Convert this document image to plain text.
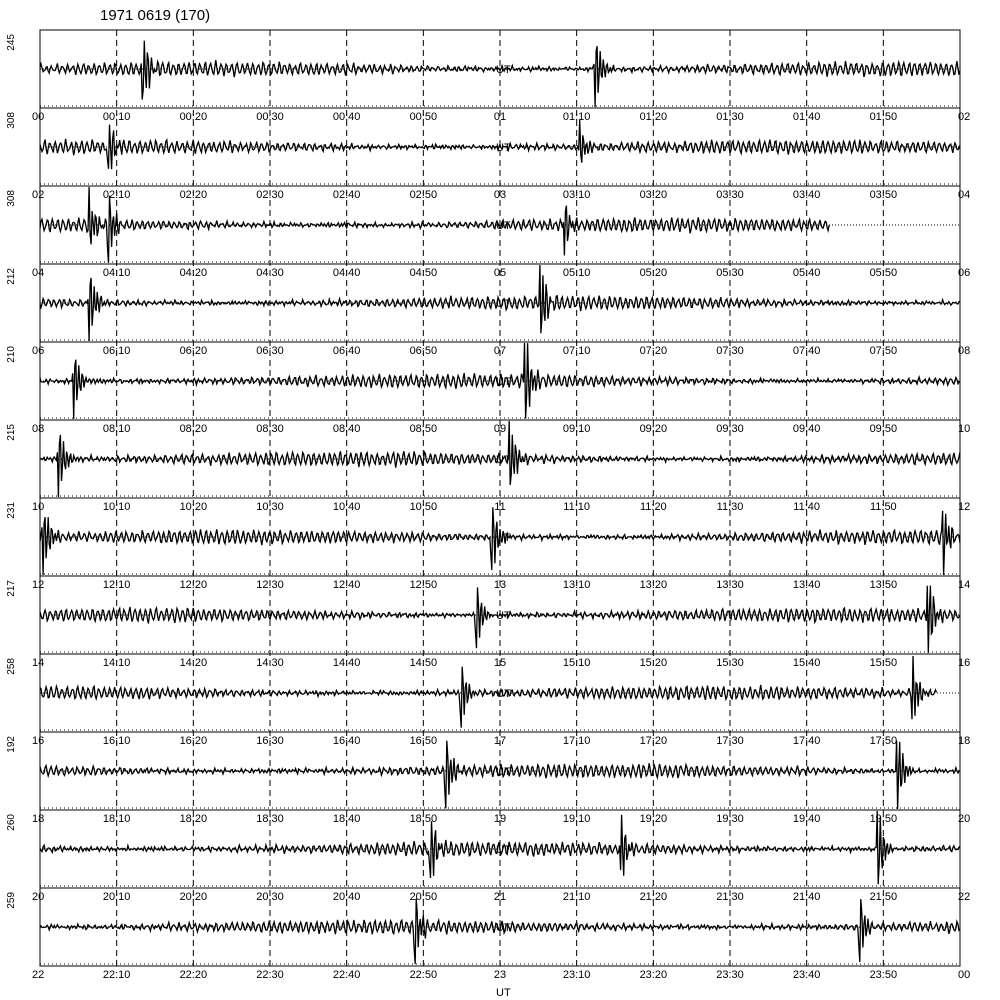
1971 0619 (170)
245
00	00:10	00:20	00:30	00:40	00:50	01	01:10	01:20	01:30	01:40	01:50	02
UT
308
02	02:10	02:20	02:30	02:40	02:50	03	03:10	03:20	03:30	03:40	03:50	04
UT
308
04	04:10	04:20	04:30	04:40	04:50	05	05:10	05:20	05:30	05:40	05:50	06
UT
212
06	06:10	06:20	06:30	06:40	06:50	07	07:10	07:20	07:30	07:40	07:50	08
UT
210
08	08:10	08:20	08:30	08:40	08:50	09	09:10	09:20	09:30	09:40	09:50	10
UT
215
10	10:10	10:20	10:30	10:40	10:50	11	11:10	11:20	11:30	11:40	11:50	12
UT
231
12	12:10	12:20	12:30	12:40	12:50	13	13:10	13:20	13:30	13:40	13:50	14
UT
217
14	14:10	14:20	14:30	14:40	14:50	15	15:10	15:20	15:30	15:40	15:50	16
UT
258
16	16:10	16:20	16:30	16:40	16:50	17	17:10	17:20	17:30	17:40	17:50	18
UT
192
18	18:10	18:20	18:30	18:40	18:50	19	19:10	19:20	19:30	19:40	19:50	20
UT
260
20	20:10	20:20	20:30	20:40	20:50	21	21:10	21:20	21:30	21:40	21:50	22
UT
259
22	22:10	22:20	22:30	22:40	22:50	23	23:10	23:20	23:30	23:40	23:50	00
UT
UT
